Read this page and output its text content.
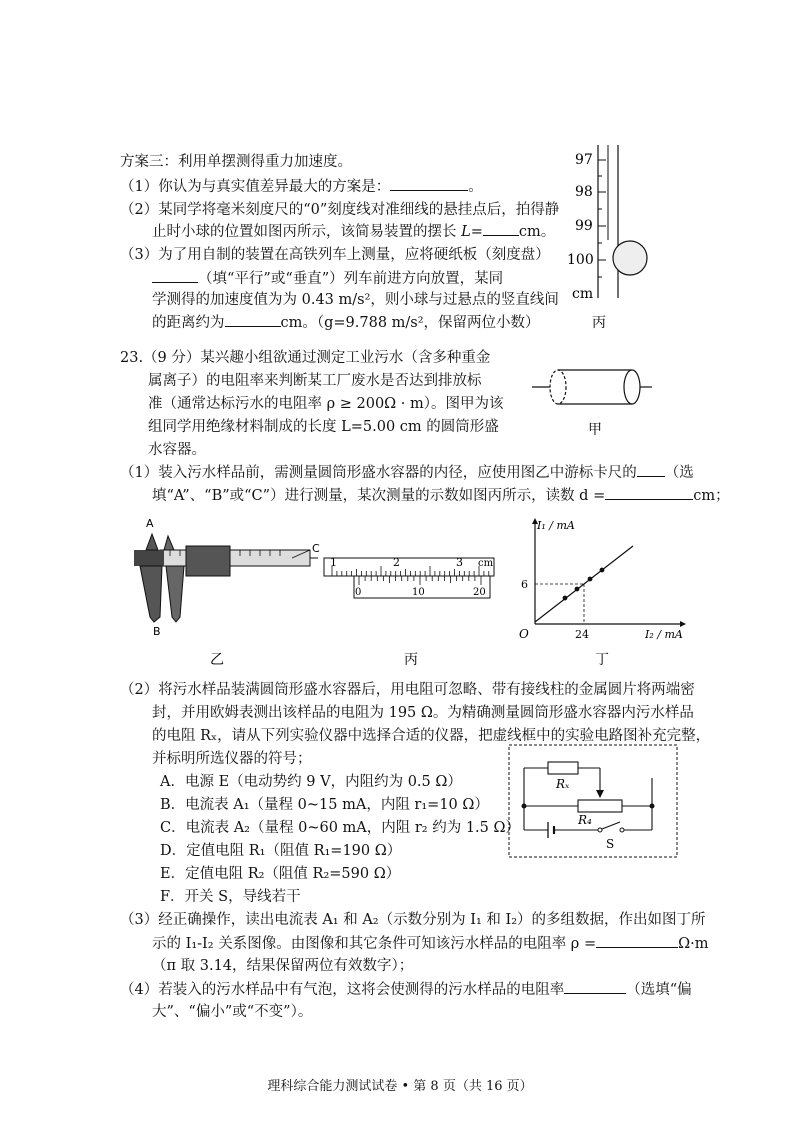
方案三：利用单摆测得重力加速度。
（1）你认为与真实值差异最大的方案是：	。
（2）某同学将毫米刻度尺的“0”刻度线对准细线的悬挂点后，拍得静
止时小球的位置如图丙所示，该简易装置的摆长 L= cm。
（3）为了用自制的装置在高铁列车上测量，应将硬纸板（刻度盘）
（填“平行”或“垂直”）列车前进方向放置，某同
学测得的加速度值为为 0.43 m/s²，则小球与过悬点的竖直线间
的距离约为	cm。（g=9.788 m/s²，保留两位小数）
97
98
99
100
cm
丙
23.（9 分）某兴趣小组欲通过测定工业污水（含多种重金
属离子）的电阻率来判断某工厂废水是否达到排放标
准（通常达标污水的电阻率 ρ ≥ 200Ω · m）。图甲为该
组同学用绝缘材料制成的长度 L=5.00 cm 的圆筒形盛
水容器。
甲
（1）装入污水样品前，需测量圆筒形盛水容器的内径，应使用图乙中游标卡尺的 （选
填“A”、“B”或“C”）进行测量，某次测量的示数如图丙所示，读数 d =	cm；
A
B
C
乙
1	2	3 cm
0	10	20
丙
I₁ / mA
I₂ / mA
O
6
24
丁
（2）将污水样品装满圆筒形盛水容器后，用电阻可忽略、带有接线柱的金属圆片将两端密
封，并用欧姆表测出该样品的电阻为 195 Ω。为精确测量圆筒形盛水容器内污水样品
的电阻 Rₓ，请从下列实验仪器中选择合适的仪器，把虚线框中的实验电路图补充完整，
并标明所选仪器的符号；
A．电源 E（电动势约 9 V，内阻约为 0.5 Ω）
B．电流表 A₁（量程 0~15 mA，内阻 r₁=10 Ω）
C．电流表 A₂（量程 0~60 mA，内阻 r₂ 约为 1.5 Ω）
D．定值电阻 R₁（阻值 R₁=190 Ω）
E．定值电阻 R₂（阻值 R₂=590 Ω）
F．开关 S，导线若干
Rₓ
R₄
S
（3）经正确操作，读出电流表 A₁ 和 A₂（示数分别为 I₁ 和 I₂）的多组数据，作出如图丁所
示的 I₁-I₂ 关系图像。由图像和其它条件可知该污水样品的电阻率 ρ =	Ω·m
（π 取 3.14，结果保留两位有效数字）；
（4）若装入的污水样品中有气泡，这将会使测得的污水样品的电阻率	（选填“偏
大”、“偏小”或“不变”）。
理科综合能力测试试卷 • 第 8 页（共 16 页）
